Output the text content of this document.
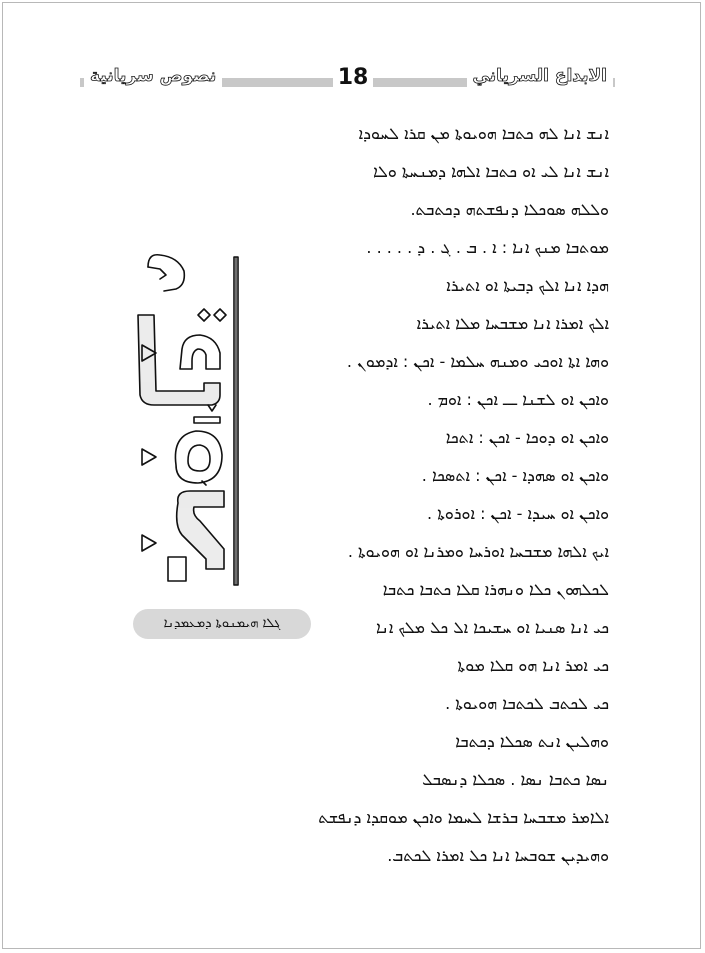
الابداع السرياني
18
نصوص سريانية
ܓܠܐ ܗܝܡܢܘܬܐ ܕܡܥܡܕܢܐ
ܐܢܫ ܐܢܐ ܠܗ ܟܬܒܐ ܗܘܝܘܬܐ ܡܢ ܩܪܐ ܠܚܘܕܐ
ܐܢܫ ܐܢܐ ܠܝ ܐܘ ܟܬܒܐ ܐܠܗܐ ܕܡܢܚܬܐ ܘܠܐ
ܘܠܠܗ ܣܘܟܠܐ ܕܢܦܫܬܗ ܕܟܬܒܬ.
ܡܘܬܒܐ ܡܢܟ ܐܢܐ : ܐ . ܒ . ܓ . ܕ . . . . .
ܗܕܐ ܐܢܐ ܐܠܟ ܕܒܝܬܐ ܐܘ ܐܬܝܪܐ
ܐܠܟ ܐܡܪܐ ܐܢܐ ܡܫܒܚܐ ܡܠܐ ܐܬܝܪܐ
ܘܗܐ ܐܬܐ ܐܘܟܝ ܘܡܢܗ ܚܠܡܐ - ܐܟܢ : ܐܕܡܘܢ .
ܘܐܟܢ ܐܘ ܠܫܢܐ ـــ ܐܟܢ : ܐܘܡ .
ܘܐܟܢ ܐܘ ܕܘܟܐ - ܐܟܢ : ܐܬܟܐ
ܘܐܟܢ ܐܘ ܣܗܕܐ - ܐܟܢ : ܐܬܣܟܐ .
ܘܐܟܢ ܐܘ ܚܝܕܐ - ܐܟܢ : ܐܘܪܘܬܐ .
ܐܝܟ ܐܠܗܐ ܡܫܒܚܐ ܐܘܪܚܐ ܘܡܪܢܐ ܐܘ ܗܘܝܘܬܐ .
ܠܟܠܗܘܢ ܟܠܐ ܘܢܗܪܐ ܩܠܐ ܟܬܒܐ ܟܬܒܐ
ܟܝ ܐܢܐ ܣܢܝܐ ܐܘ ܚܫܝܟܐ ܐܠ ܟܠ ܡܠܟ ܐܢܐ
ܟܝ ܐܡܪ ܐܢܐ ܗܘ ܩܠܐ ܡܘܬܐ
ܟܝ ܠܟܬܒ ܠܟܬܒܐ ܗܘܝܘܬܐ .
ܘܗܠܝܢ ܐܢܬ ܣܟܠܐ ܕܟܬܒܐ
ܢܣܐ ܟܬܒܐ ܢܣܐ . ܣܟܠܐ ܕܢܣܒܠ
ܐܠܐܡܪ ܡܫܒܚܐ ܒܪܫܐ ܠܚܡܐ ܘܐܟܢ ܡܘܩܕܐ ܕܢܦܫܬ
ܘܗܝܕܝܢ ܫܘܒܚܐ ܐܢܐ ܟܠ ܐܡܪܐ ܠܟܬܒ.
